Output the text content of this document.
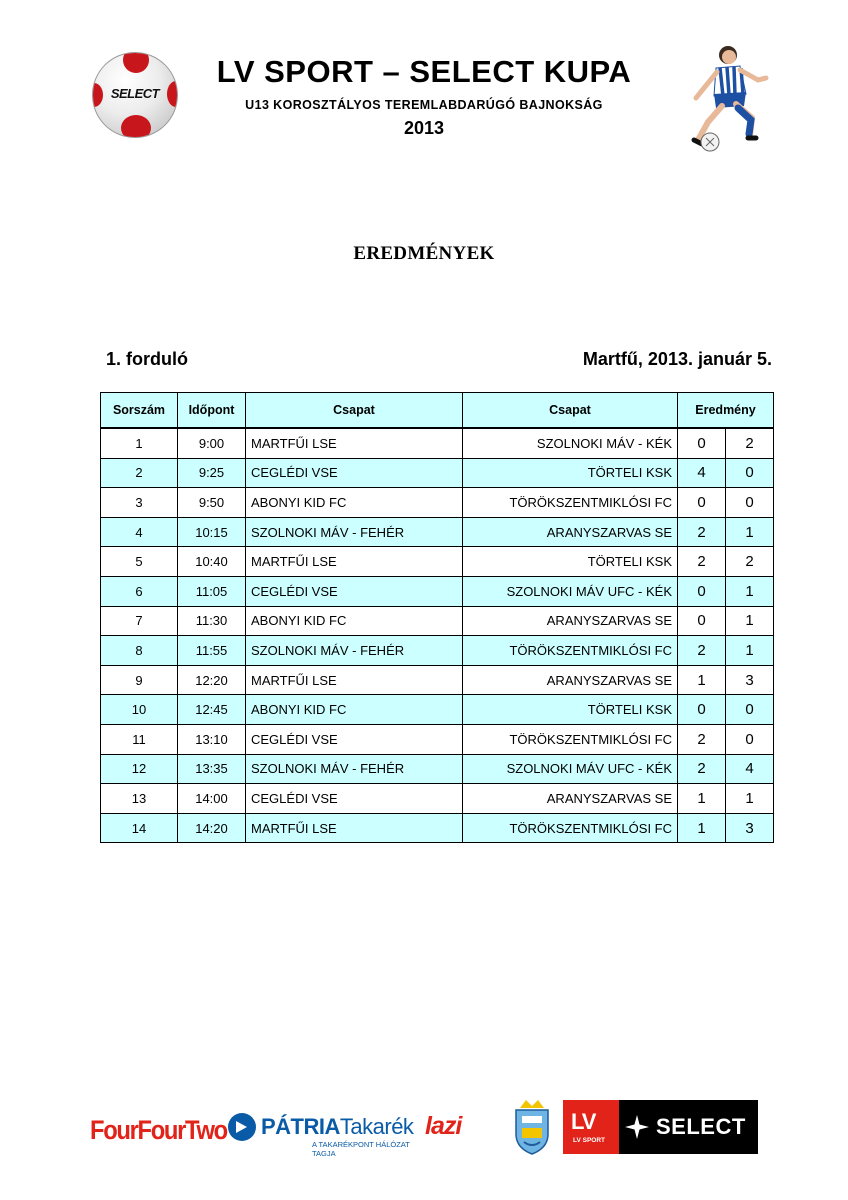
SELECT
LV SPORT – SELECT KUPA
U13 KOROSZTÁLYOS TEREMLABDARÚGÓ BAJNOKSÁG
2013
EREDMÉNYEK
1. forduló	Martfű, 2013. január 5.
Sorszám	Időpont	Csapat	Csapat	Eredmény	
1	9:00	MARTFŰI LSE	SZOLNOKI MÁV - KÉK	0	2
2	9:25	CEGLÉDI VSE	TÖRTELI KSK	4	0
3	9:50	ABONYI KID FC	TÖRÖKSZENTMIKLÓSI FC	0	0
4	10:15	SZOLNOKI MÁV - FEHÉR	ARANYSZARVAS SE	2	1
5	10:40	MARTFŰI LSE	TÖRTELI KSK	2	2
6	11:05	CEGLÉDI VSE	SZOLNOKI MÁV UFC - KÉK	0	1
7	11:30	ABONYI KID FC	ARANYSZARVAS SE	0	1
8	11:55	SZOLNOKI MÁV - FEHÉR	TÖRÖKSZENTMIKLÓSI FC	2	1
9	12:20	MARTFŰI LSE	ARANYSZARVAS SE	1	3
10	12:45	ABONYI KID FC	TÖRTELI KSK	0	0
11	13:10	CEGLÉDI VSE	TÖRÖKSZENTMIKLÓSI FC	2	0
12	13:35	SZOLNOKI MÁV - FEHÉR	SZOLNOKI MÁV UFC - KÉK	2	4
13	14:00	CEGLÉDI VSE	ARANYSZARVAS SE	1	1
14	14:20	MARTFŰI LSE	TÖRÖKSZENTMIKLÓSI FC	1	3
FourFourTwo PÁTRIATakarék
A TAKARÉKPONT HÁLÓZAT TAGJA
lazi	LV
LV SPORT
SELECT
